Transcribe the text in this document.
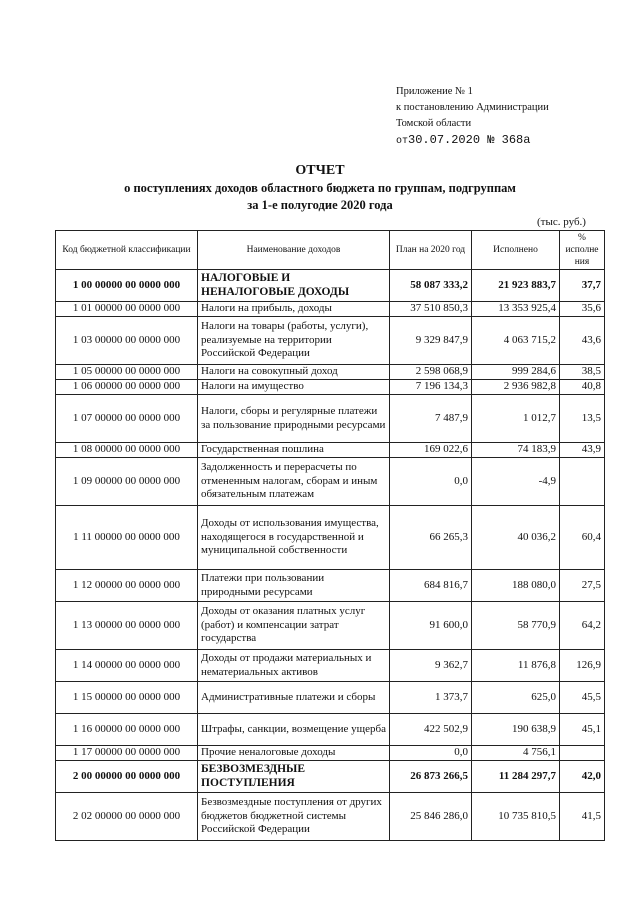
Приложение № 1
к постановлению Администрации
Томской области
от30.07.2020 № 368а
ОТЧЕТ
о поступлениях доходов областного бюджета по группам, подгруппам
за 1-е полугодие 2020 года
(тыс. руб.)
Код бюджетной классификации	Наименование доходов	План на 2020 год	Исполнено	% исполне ния
1 00 00000 00 0000 000	НАЛОГОВЫЕ И НЕНАЛОГОВЫЕ ДОХОДЫ	58 087 333,2	21 923 883,7	37,7
1 01 00000 00 0000 000	Налоги на прибыль, доходы	37 510 850,3	13 353 925,4	35,6
1 03 00000 00 0000 000	Налоги на товары (работы, услуги), реализуемые на территории Российской Федерации	9 329 847,9	4 063 715,2	43,6
1 05 00000 00 0000 000	Налоги на совокупный доход	2 598 068,9	999 284,6	38,5
1 06 00000 00 0000 000	Налоги на имущество	7 196 134,3	2 936 982,8	40,8
1 07 00000 00 0000 000	Налоги, сборы и регулярные платежи за пользование природными ресурсами	7 487,9	1 012,7	13,5
1 08 00000 00 0000 000	Государственная пошлина	169 022,6	74 183,9	43,9
1 09 00000 00 0000 000	Задолженность и перерасчеты по отмененным налогам, сборам и иным обязательным платежам	0,0	-4,9	
1 11 00000 00 0000 000	Доходы от использования имущества, находящегося в государственной и муниципальной собственности	66 265,3	40 036,2	60,4
1 12 00000 00 0000 000	Платежи при пользовании природными ресурсами	684 816,7	188 080,0	27,5
1 13 00000 00 0000 000	Доходы от оказания платных услуг (работ) и компенсации затрат государства	91 600,0	58 770,9	64,2
1 14 00000 00 0000 000	Доходы от продажи материальных и нематериальных активов	9 362,7	11 876,8	126,9
1 15 00000 00 0000 000	Административные платежи и сборы	1 373,7	625,0	45,5
1 16 00000 00 0000 000	Штрафы, санкции, возмещение ущерба	422 502,9	190 638,9	45,1
1 17 00000 00 0000 000	Прочие неналоговые доходы	0,0	4 756,1	
2 00 00000 00 0000 000	БЕЗВОЗМЕЗДНЫЕ ПОСТУПЛЕНИЯ	26 873 266,5	11 284 297,7	42,0
2 02 00000 00 0000 000	Безвозмездные поступления от других бюджетов бюджетной системы Российской Федерации	25 846 286,0	10 735 810,5	41,5
